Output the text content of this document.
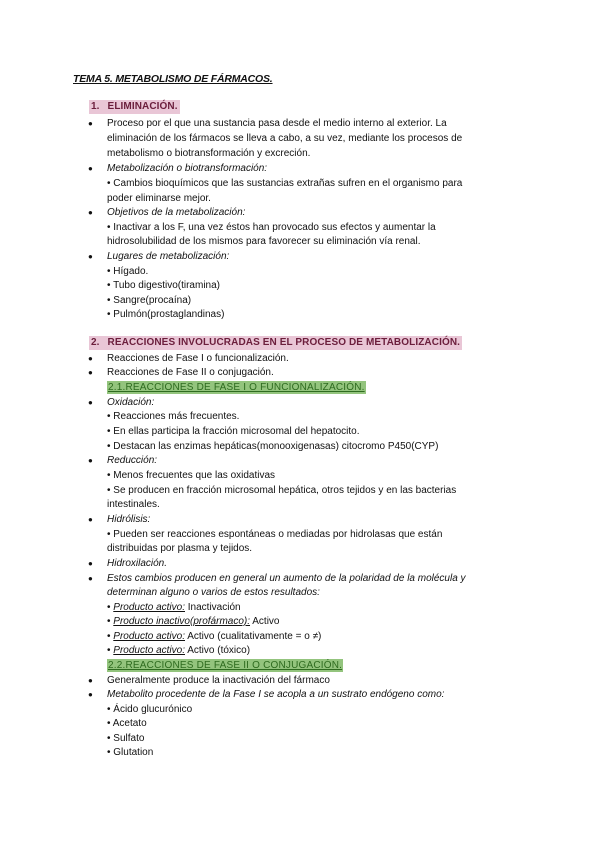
TEMA 5. METABOLISMO DE FÁRMACOS.
1. ELIMINACIÓN.
● Proceso por el que una sustancia pasa desde el medio interno al exterior. La
eliminación de los fármacos se lleva a cabo, a su vez, mediante los procesos de
metabolismo o biotransformación y excreción.
● Metabolización o biotransformación:
• Cambios bioquímicos que las sustancias extrañas sufren en el organismo para
poder eliminarse mejor.
● Objetivos de la metabolización:
• Inactivar a los F, una vez éstos han provocado sus efectos y aumentar la
hidrosolubilidad de los mismos para favorecer su eliminación vía renal.
● Lugares de metabolización:
• Hígado.
• Tubo digestivo(tiramina)
• Sangre(procaína)
• Pulmón(prostaglandinas)
2. REACCIONES INVOLUCRADAS EN EL PROCESO DE METABOLIZACIÓN.
● Reacciones de Fase I o funcionalización.
● Reacciones de Fase II o conjugación.
2.1.REACCIONES DE FASE I O FUNCIONALIZACIÓN.
● Oxidación:
• Reacciones más frecuentes.
• En ellas participa la fracción microsomal del hepatocito.
• Destacan las enzimas hepáticas(monooxigenasas) citocromo P450(CYP)
● Reducción:
• Menos frecuentes que las oxidativas
• Se producen en fracción microsomal hepática, otros tejidos y en las bacterias
intestinales.
● Hidrólisis:
• Pueden ser reacciones espontáneas o mediadas por hidrolasas que están
distribuidas por plasma y tejidos.
● Hidroxilación.
● Estos cambios producen en general un aumento de la polaridad de la molécula y
determinan alguno o varios de estos resultados:
• Producto activo: Inactivación
• Producto inactivo(profármaco): Activo
• Producto activo: Activo (cualitativamente = o ≠)
• Producto activo: Activo (tóxico)
2.2.REACCIONES DE FASE II O CONJUGACIÓN.
● Generalmente produce la inactivación del fármaco
● Metabolito procedente de la Fase I se acopla a un sustrato endógeno como:
• Ácido glucurónico
• Acetato
• Sulfato
• Glutation
